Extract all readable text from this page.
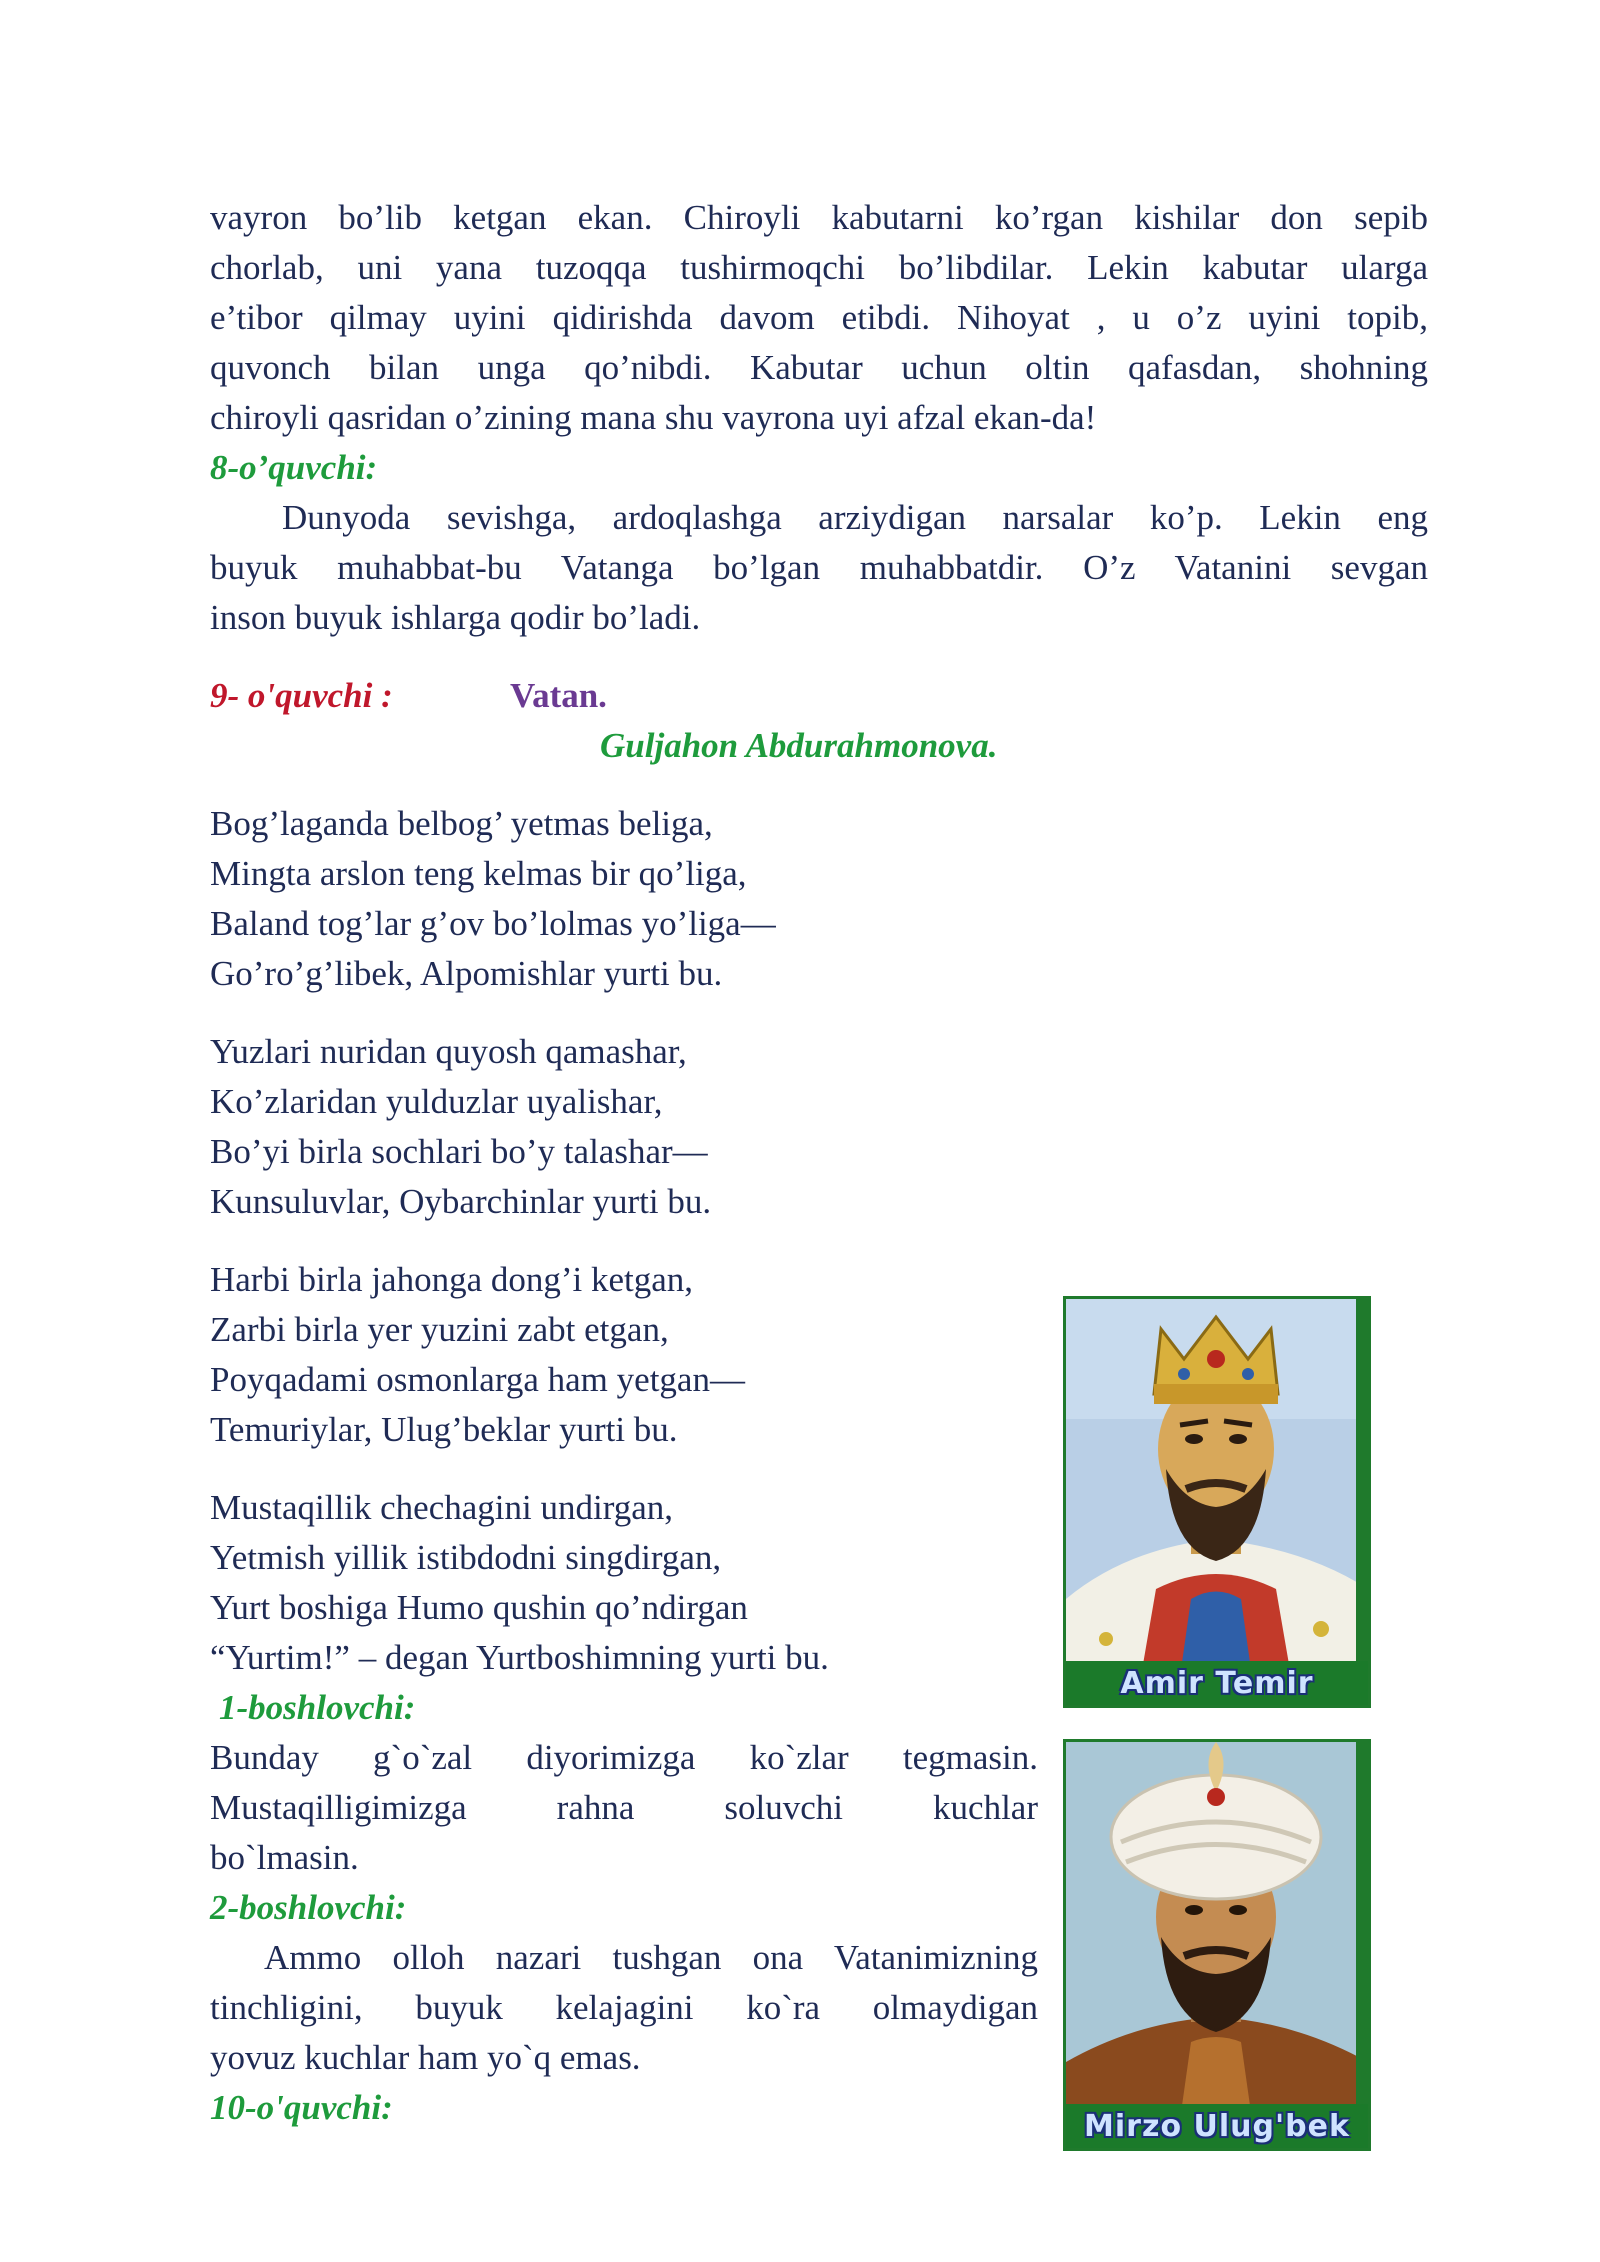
vayron bo’lib ketgan ekan. Chiroyli kabutarni ko’rgan kishilar don sepib
chorlab, uni yana tuzoqqa tushirmoqchi bo’libdilar. Lekin kabutar ularga
e’tibor qilmay uyini qidirishda davom etibdi. Nihoyat , u o’z uyini topib,
quvonch bilan unga qo’nibdi. Kabutar uchun oltin qafasdan, shohning
chiroyli qasridan o’zining mana shu vayrona uyi afzal ekan-da!
8-o’quvchi:
Dunyoda sevishga, ardoqlashga arziydigan narsalar ko’p. Lekin eng
buyuk muhabbat-bu Vatanga bo’lgan muhabbatdir. O’z Vatanini sevgan
inson buyuk ishlarga qodir bo’ladi.
9- o'quvchi :	Vatan.
Guljahon Abdurahmonova.
Bog’laganda belbog’ yetmas beliga,
Mingta arslon teng kelmas bir qo’liga,
Baland tog’lar g’ov bo’lolmas yo’liga—
Go’ro’g’libek, Alpomishlar yurti bu.
Yuzlari nuridan quyosh qamashar,
Ko’zlaridan yulduzlar uyalishar,
Bo’yi birla sochlari bo’y talashar—
Kunsuluvlar, Oybarchinlar yurti bu.
Harbi birla jahonga dong’i ketgan,
Zarbi birla yer yuzini zabt etgan,
Poyqadami osmonlarga ham yetgan—
Temuriylar, Ulug’beklar yurti bu.
Mustaqillik chechagini undirgan,
Yetmish yillik istibdodni singdirgan,
Yurt boshiga Humo qushin qo’ndirgan
“Yurtim!” – degan Yurtboshimning yurti bu.
1-boshlovchi:
Bunday g`o`zal diyorimizga ko`zlar tegmasin.
Mustaqilligimizga rahna soluvchi kuchlar
bo`lmasin.
2-boshlovchi:
Ammo olloh nazari tushgan ona Vatanimizning
tinchligini, buyuk kelajagini ko`ra olmaydigan
yovuz kuchlar ham yo`q emas.
10-o'quvchi:
Amir Temir
Mirzo Ulug'bek
